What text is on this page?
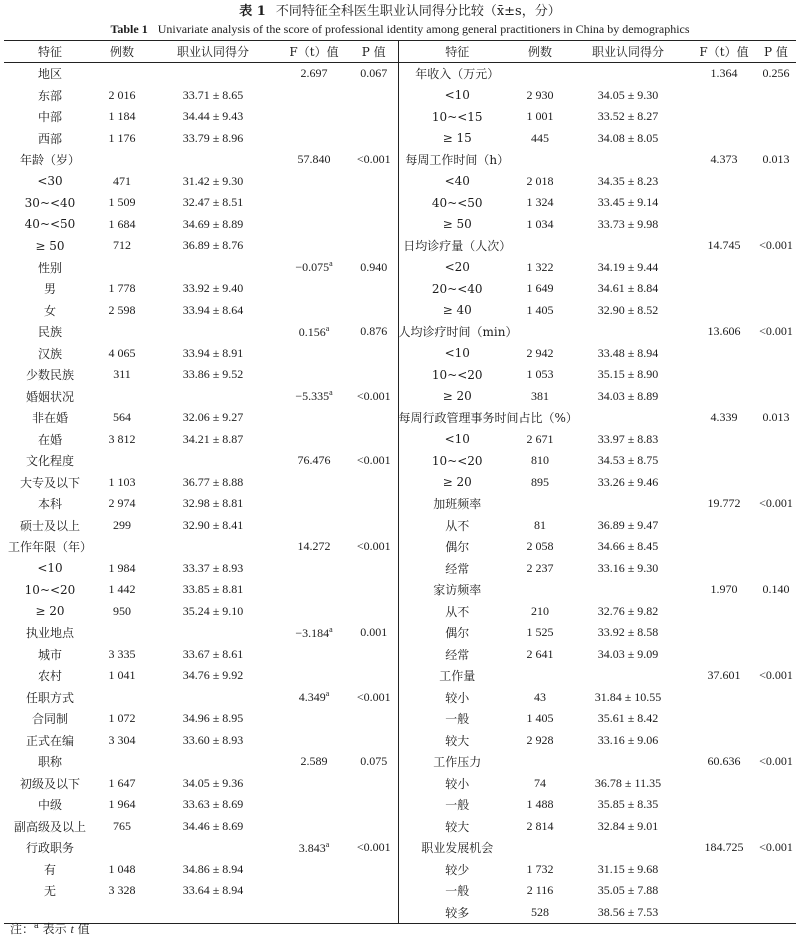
表 1 不同特征全科医生职业认同得分比较（x̄±s，分）
Table 1 Univariate analysis of the score of professional identity among general practitioners in China by demographics
特征	例数	职业认同得分	F（t）值	P 值	特征	例数	职业认同得分	F（t）值	P 值
地区			2.697	0.067	年收入（万元）			1.364	0.256
东部	2 016	33.71 ± 8.65			<10	2 930	34.05 ± 9.30		
中部	1 184	34.44 ± 9.43			10~<15	1 001	33.52 ± 8.27		
西部	1 176	33.79 ± 8.96			≥ 15	445	34.08 ± 8.05		
年龄（岁）			57.840	<0.001	每周工作时间（h）			4.373	0.013
<30	471	31.42 ± 9.30			<40	2 018	34.35 ± 8.23		
30~<40	1 509	32.47 ± 8.51			40~<50	1 324	33.45 ± 9.14		
40~<50	1 684	34.69 ± 8.89			≥ 50	1 034	33.73 ± 9.98		
≥ 50	712	36.89 ± 8.76			日均诊疗量（人次）			14.745	<0.001
性别			−0.075$^a$	0.940	<20	1 322	34.19 ± 9.44		
男	1 778	33.92 ± 9.40			20~<40	1 649	34.61 ± 8.84		
女	2 598	33.94 ± 8.64			≥ 40	1 405	32.90 ± 8.52		
民族			0.156$^a$	0.876	人均诊疗时间（min）			13.606	<0.001
汉族	4 065	33.94 ± 8.91			<10	2 942	33.48 ± 8.94		
少数民族	311	33.86 ± 9.52			10~<20	1 053	35.15 ± 8.90		
婚姻状况			−5.335$^a$	<0.001	≥ 20	381	34.03 ± 8.89		
非在婚	564	32.06 ± 9.27			每周行政管理事务时间占比（%）			4.339	0.013
在婚	3 812	34.21 ± 8.87			<10	2 671	33.97 ± 8.83		
文化程度			76.476	<0.001	10~<20	810	34.53 ± 8.75		
大专及以下	1 103	36.77 ± 8.88			≥ 20	895	33.26 ± 9.46		
本科	2 974	32.98 ± 8.81			加班频率			19.772	<0.001
硕士及以上	299	32.90 ± 8.41			从不	81	36.89 ± 9.47		
工作年限（年）			14.272	<0.001	偶尔	2 058	34.66 ± 8.45		
<10	1 984	33.37 ± 8.93			经常	2 237	33.16 ± 9.30		
10~<20	1 442	33.85 ± 8.81			家访频率			1.970	0.140
≥ 20	950	35.24 ± 9.10			从不	210	32.76 ± 9.82		
执业地点			−3.184$^a$	0.001	偶尔	1 525	33.92 ± 8.58		
城市	3 335	33.67 ± 8.61			经常	2 641	34.03 ± 9.09		
农村	1 041	34.76 ± 9.92			工作量			37.601	<0.001
任职方式			4.349$^a$	<0.001	较小	43	31.84 ± 10.55		
合同制	1 072	34.96 ± 8.95			一般	1 405	35.61 ± 8.42		
正式在编	3 304	33.60 ± 8.93			较大	2 928	33.16 ± 9.06		
职称			2.589	0.075	工作压力			60.636	<0.001
初级及以下	1 647	34.05 ± 9.36			较小	74	36.78 ± 11.35		
中级	1 964	33.63 ± 8.69			一般	1 488	35.85 ± 8.35		
副高级及以上	765	34.46 ± 8.69			较大	2 814	32.84 ± 9.01		
行政职务			3.843$^a$	<0.001	职业发展机会			184.725	<0.001
有	1 048	34.86 ± 8.94			较少	1 732	31.15 ± 9.68		
无	3 328	33.64 ± 8.94			一般	2 116	35.05 ± 7.88		
					较多	528	38.56 ± 7.53		
注：$^a$ 表示 t 值
